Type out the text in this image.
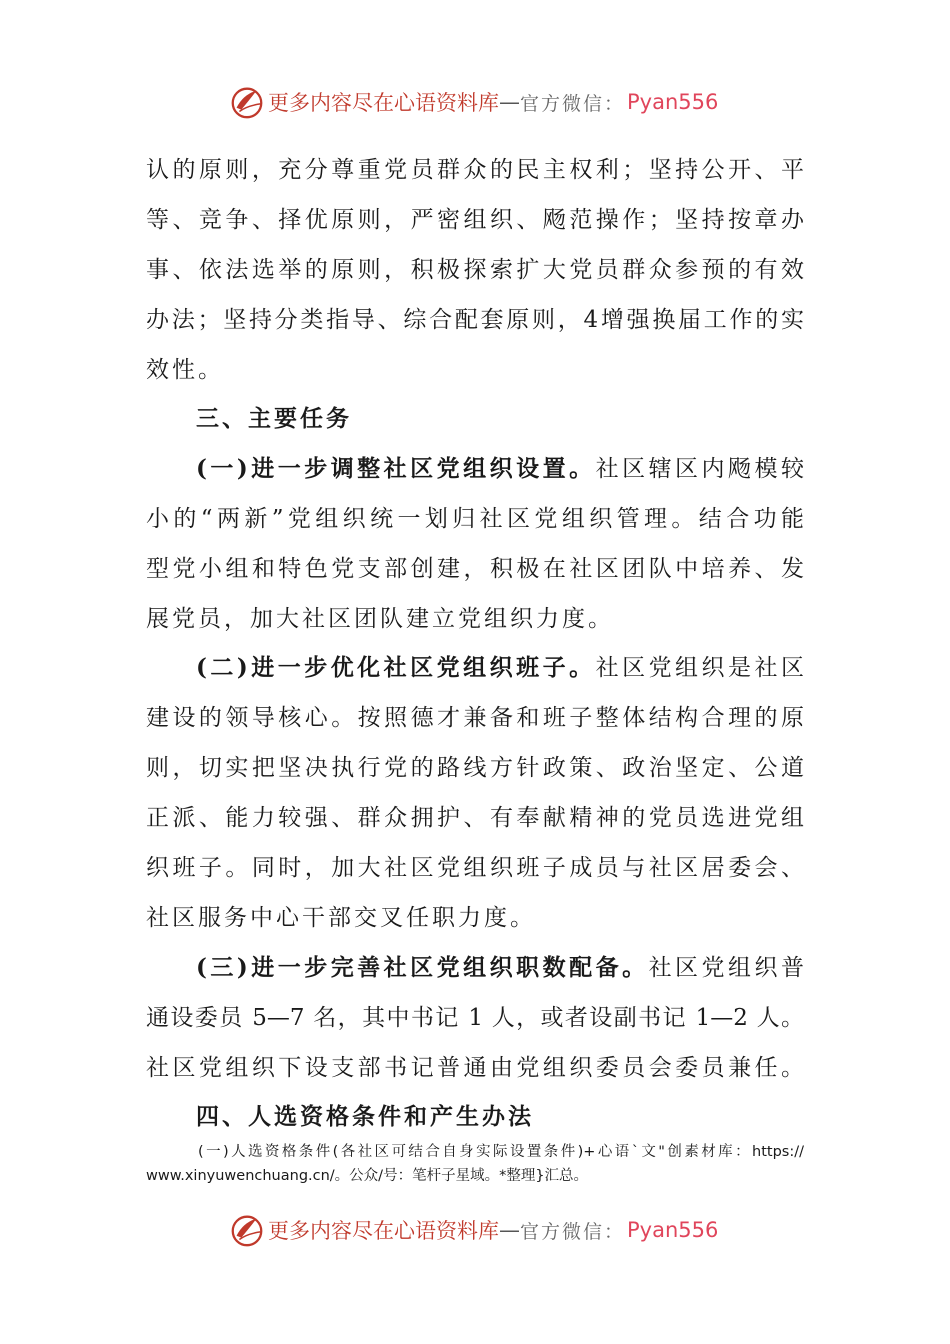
更多内容尽在心语资料库 — 官方微信： Pyan556
认的原则，充分尊重党员群众的民主权利；坚持公开、平
等、竞争、择优原则，严密组织、飏范操作；坚持按章办
事、依法选举的原则，积极探索扩大党员群众参预的有效
办法；坚持分类指导、综合配套原则，4增强换届工作的实
效性。
三、主要任务
(一)进一步调整社区党组织设置。社区辖区内飏模较
小的“两新”党组织统一划归社区党组织管理。结合功能
型党小组和特色党支部创建，积极在社区团队中培养、发
展党员，加大社区团队建立党组织力度。
(二)进一步优化社区党组织班子。社区党组织是社区
建设的领导核心。按照德才兼备和班子整体结构合理的原
则，切实把坚决执行党的路线方针政策、政治坚定、公道
正派、能力较强、群众拥护、有奉献精神的党员选进党组
织班子。同时，加大社区党组织班子成员与社区居委会、
社区服务中心干部交叉任职力度。
(三)进一步完善社区党组织职数配备。社区党组织普
通设委员 5—7 名，其中书记 1 人，或者设副书记 1—2 人。
社区党组织下设支部书记普通由党组织委员会委员兼任。
四、人选资格条件和产生办法
(一)人选资格条件(各社区可结合自身实际设置条件)+心语`文"创素材库：https://
www.xinyuwenchuang.cn/。公众/号：笔杆子星域。*整理}汇总。
更多内容尽在心语资料库 — 官方微信： Pyan556
